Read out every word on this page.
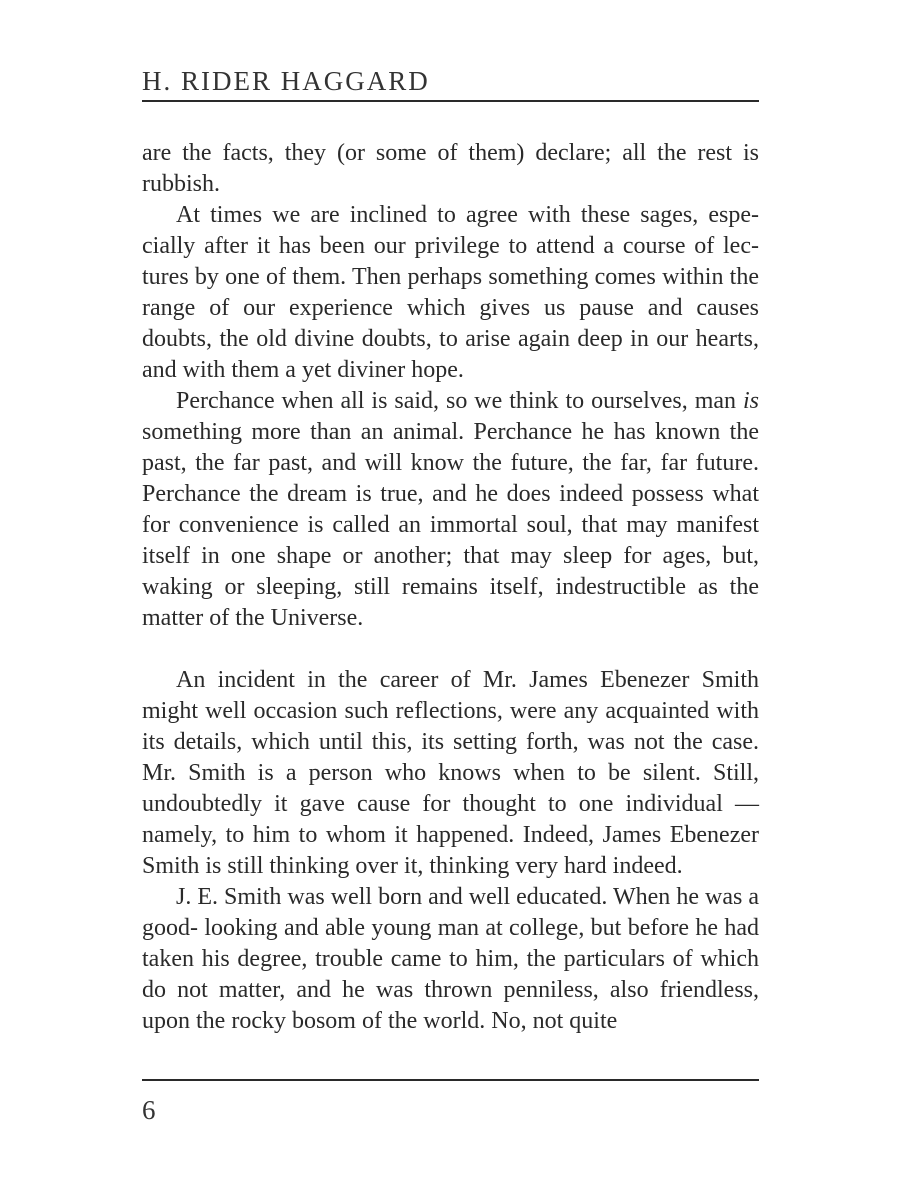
H. RIDER HAGGARD

are the facts, they (or some of them) declare; all the rest is rubbish.

At times we are inclined to agree with these sages, especially after it has been our privilege to attend a course of lectures by one of them. Then perhaps something comes within the range of our experience which gives us pause and causes doubts, the old divine doubts, to arise again deep in our hearts, and with them a yet diviner hope.

Perchance when all is said, so we think to ourselves, man is something more than an animal. Perchance he has known the past, the far past, and will know the future, the far, far future. Perchance the dream is true, and he does indeed possess what for convenience is called an immortal soul, that may manifest itself in one shape or another; that may sleep for ages, but, waking or sleeping, still remains itself, indestructible as the matter of the Universe.

An incident in the career of Mr. James Ebenezer Smith might well occasion such reflections, were any acquainted with its details, which until this, its setting forth, was not the case. Mr. Smith is a person who knows when to be silent. Still, undoubtedly it gave cause for thought to one individual — namely, to him to whom it happened. Indeed, James Ebenezer Smith is still thinking over it, thinking very hard indeed.

J. E. Smith was well born and well educated. When he was a good- looking and able young man at college, but before he had taken his degree, trouble came to him, the particulars of which do not matter, and he was thrown penniless, also friendless, upon the rocky bosom of the world. No, not quite

6
